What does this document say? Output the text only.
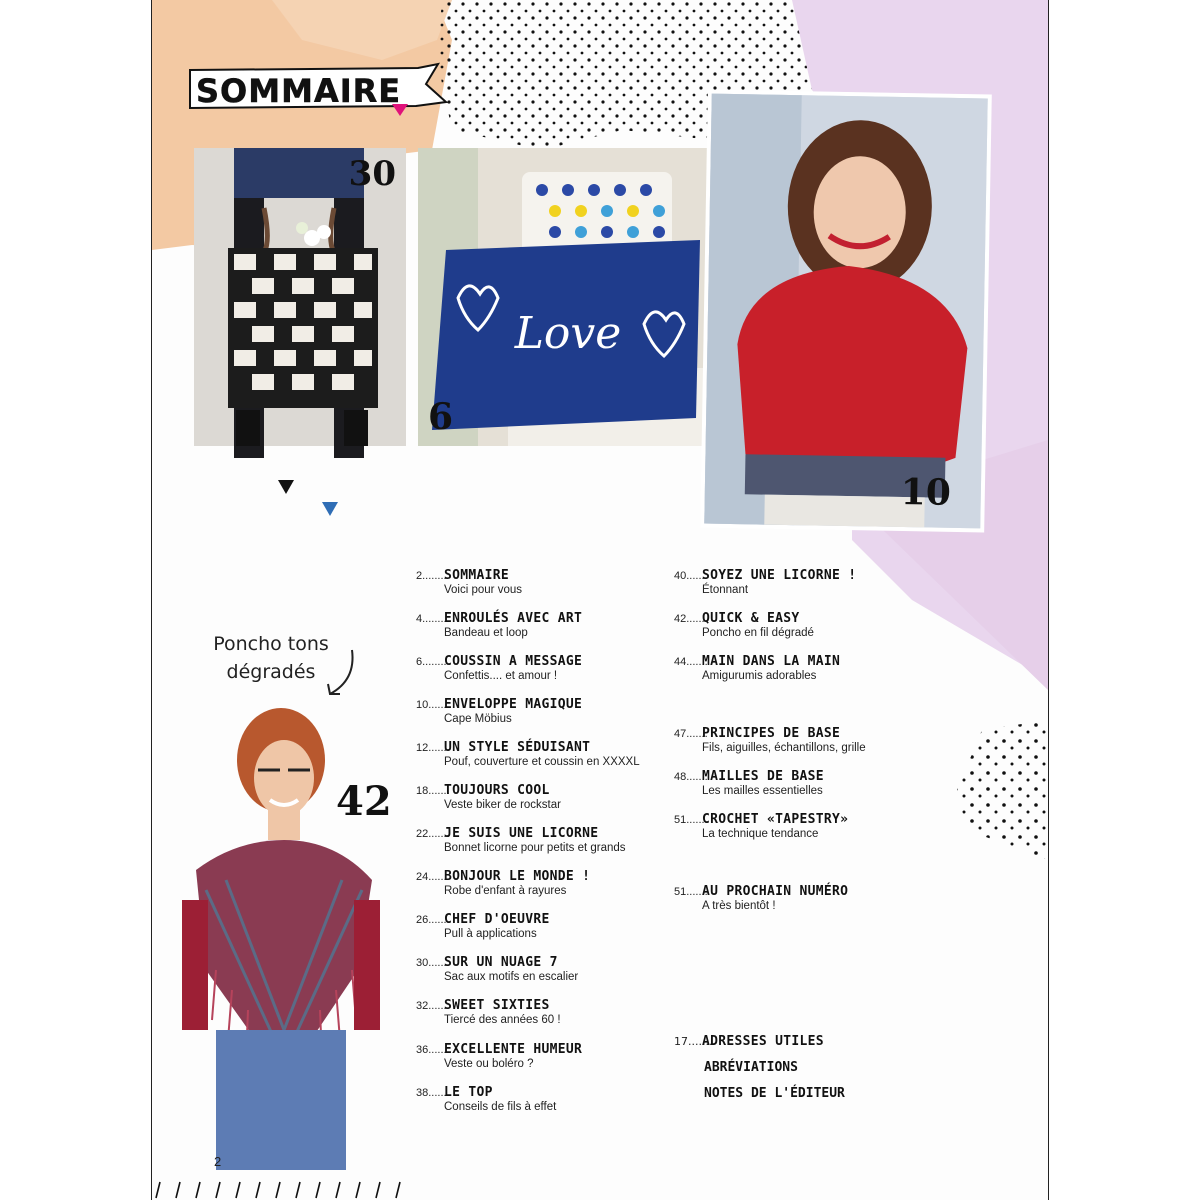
SOMMAIRE
30
Love
6
10
Poncho tons
dégradés
42
2........
SOMMAIRE
Voici pour vous
4........
ENROULÉS AVEC ART
Bandeau et loop
6........
COUSSIN A MESSAGE
Confettis.... et amour !
10.......
ENVELOPPE MAGIQUE
Cape Möbius
12.......
UN STYLE SÉDUISANT
Pouf, couverture et coussin en XXXXL
18.......
TOUJOURS COOL
Veste biker de rockstar
22.......
JE SUIS UNE LICORNE
Bonnet licorne pour petits et grands
24.......
BONJOUR LE MONDE !
Robe d'enfant à rayures
26.......
CHEF D'OEUVRE
Pull à applications
30.......
SUR UN NUAGE 7
Sac aux motifs en escalier
32.......
SWEET SIXTIES
Tiercé des années 60 !
36.......
EXCELLENTE HUMEUR
Veste ou boléro ?
38.......
LE TOP
Conseils de fils à effet
40.......
SOYEZ UNE LICORNE !
Étonnant
42.......
QUICK & EASY
Poncho en fil dégradé
44.......
MAIN DANS LA MAIN
Amigurumis adorables
47.......
PRINCIPES DE BASE
Fils, aiguilles, échantillons, grille
48.......
MAILLES DE BASE
Les mailles essentielles
51.......
CROCHET «TAPESTRY»
La technique tendance
51.......
AU PROCHAIN NUMÉRO
A très bientôt !
17.......
ADRESSES UTILES
ABRÉVIATIONS
NOTES DE L'ÉDITEUR
2
